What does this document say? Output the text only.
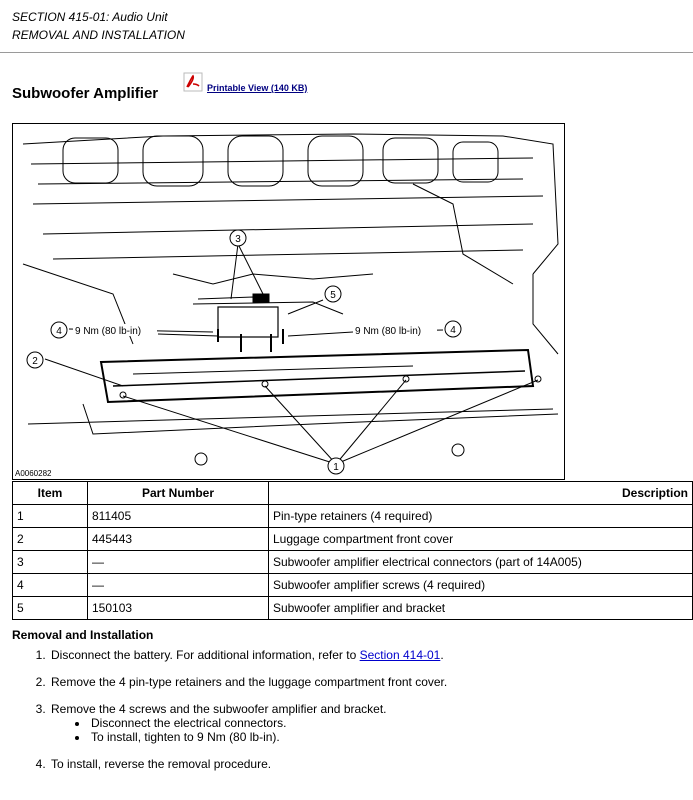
SECTION 415-01: Audio Unit
REMOVAL AND INSTALLATION
Subwoofer Amplifier	Printable View (140 KB)
3
5
4	4
2
1
9 Nm (80 lb-in)	9 Nm (80 lb-in)
A0060282
Item	Part Number	Description
1	811405	Pin-type retainers (4 required)
2	445443	Luggage compartment front cover
3	—	Subwoofer amplifier electrical connectors (part of 14A005)
4	—	Subwoofer amplifier screws (4 required)
5	150103	Subwoofer amplifier and bracket
Removal and Installation
1. Disconnect the battery. For additional information, refer to Section 414-01.
2. Remove the 4 pin-type retainers and the luggage compartment front cover.
3. Remove the 4 screws and the subwoofer amplifier and bracket.
• Disconnect the electrical connectors.
• To install, tighten to 9 Nm (80 lb-in).
4. To install, reverse the removal procedure.
